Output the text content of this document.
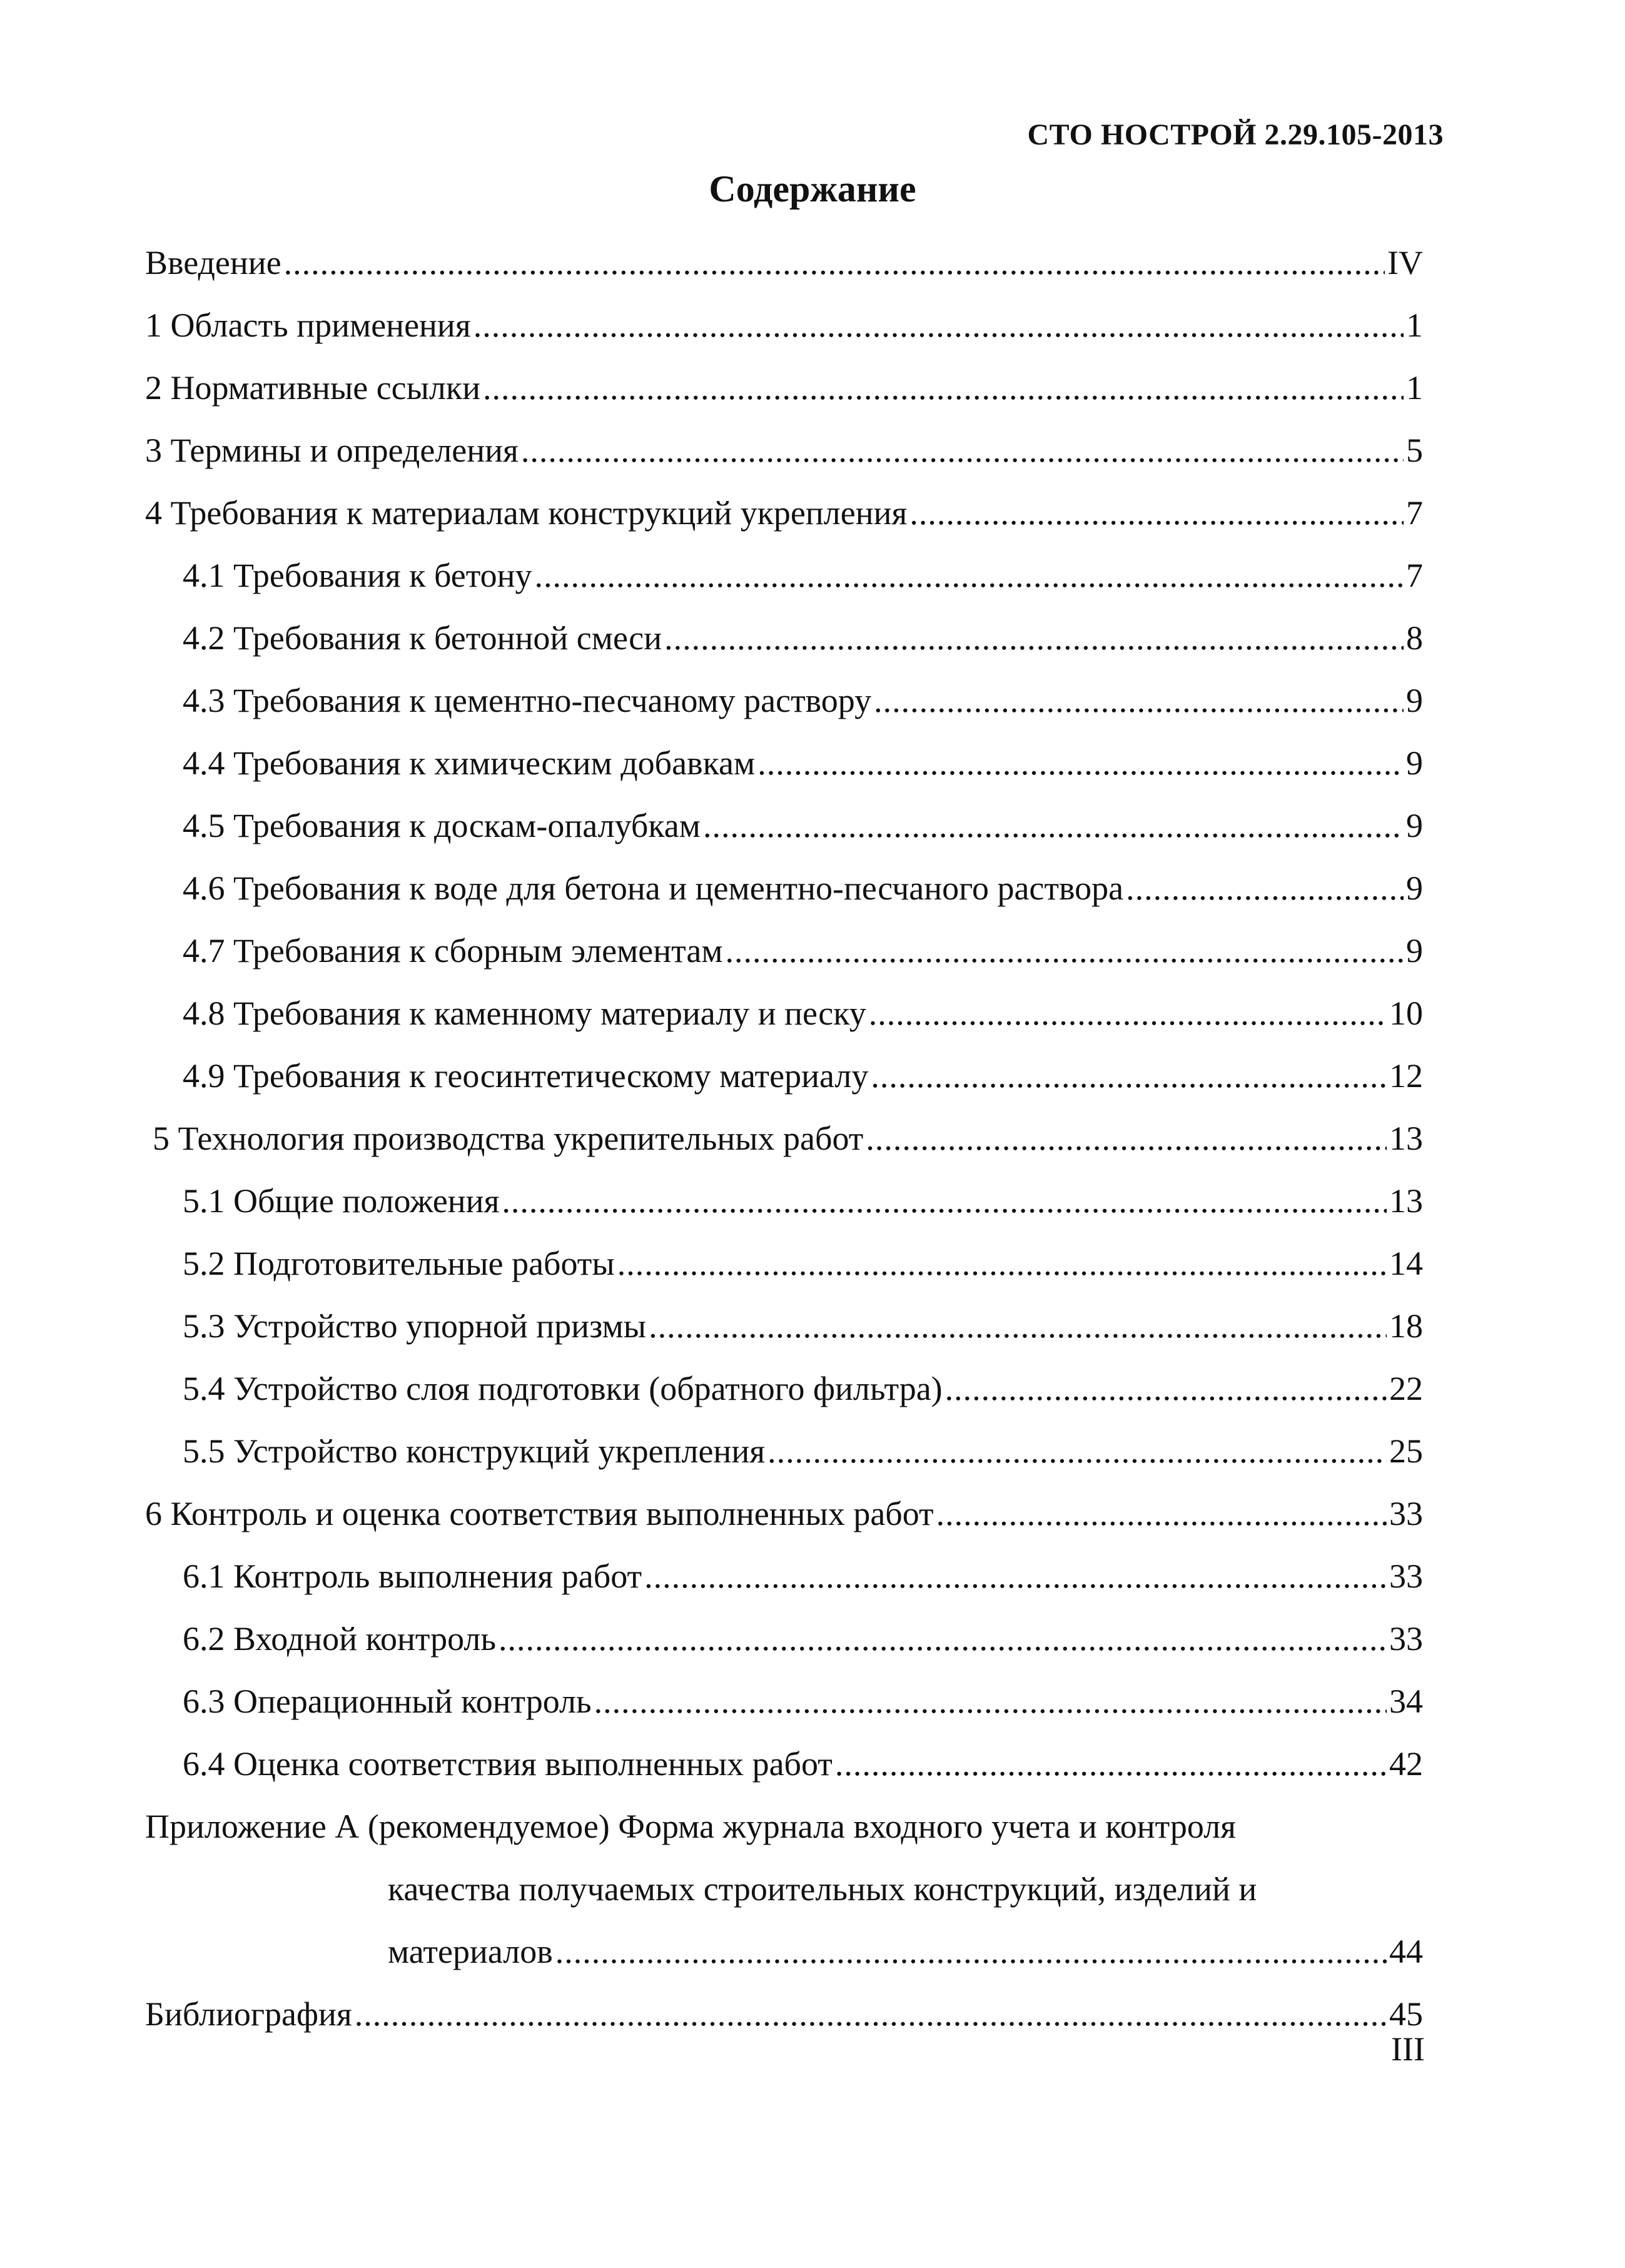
СТО НОСТРОЙ 2.29.105-2013
Содержание
Введение .....	IV
1 Область применения .....	1
2 Нормативные ссылки .....	1
3 Термины и определения .....	5
4 Требования к материалам конструкций укрепления .....	7
4.1 Требования к бетону .....	7
4.2 Требования к бетонной смеси .....	8
4.3 Требования к цементно-песчаному раствору .....	9
4.4 Требования к химическим добавкам .....	9
4.5 Требования к доскам-опалубкам .....	9
4.6 Требования к воде для бетона и цементно-песчаного раствора .....	9
4.7 Требования к сборным элементам .....	9
4.8 Требования к каменному материалу и песку .....	10
4.9 Требования к геосинтетическому материалу .....	12
5 Технология производства укрепительных работ .....	13
5.1 Общие положения .....	13
5.2 Подготовительные работы .....	14
5.3 Устройство упорной призмы .....	18
5.4 Устройство слоя подготовки (обратного фильтра) .....	22
5.5 Устройство конструкций укрепления .....	25
6 Контроль и оценка соответствия выполненных работ .....	33
6.1 Контроль выполнения работ .....	33
6.2 Входной контроль .....	33
6.3 Операционный контроль .....	34
6.4 Оценка соответствия выполненных работ .....	42
Приложение А (рекомендуемое) Форма журнала входного учета и контроля
качества получаемых строительных конструкций, изделий и
материалов .....	44
Библиография .....	45
III
